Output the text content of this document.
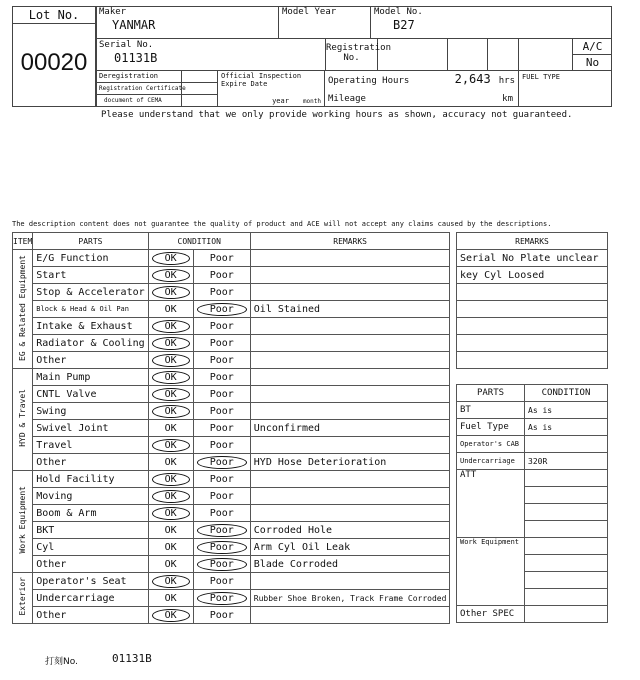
Lot No.
00020
Maker
YANMAR
Model Year	Model No.
B27
Serial No.
01131B
Registration No.
A/C
No
Deregistration
Registration Certificate
document of CEMA
Official Inspection Expire Date
year month
Operating Hours	2,643 hrs
Mileage	km
FUEL TYPE
Please understand that we only provide working hours as shown, accuracy not guaranteed.
The description content does not guarantee the quality of product and ACE will not accept any claims caused by the descriptions.
ITEM	PARTS	CONDITION		REMARKS
EG & Related Equipment	E/G Function	OK	Poor	
	Start	OK	Poor	
	Stop & Accelerator	OK	Poor	
	Block & Head & Oil Pan	OK	Poor	Oil Stained
	Intake & Exhaust	OK	Poor	
	Radiator & Cooling	OK	Poor	
	Other	OK	Poor	
HYD & Travel	Main Pump	OK	Poor	
	CNTL Valve	OK	Poor	
	Swing	OK	Poor	
	Swivel Joint	OK	Poor	Unconfirmed
	Travel	OK	Poor	
	Other	OK	Poor	HYD Hose Deterioration
Work Equipment	Hold Facility	OK	Poor	
	Moving	OK	Poor	
	Boom & Arm	OK	Poor	
	BKT	OK	Poor	Corroded Hole
	Cyl	OK	Poor	Arm Cyl Oil Leak
	Other	OK	Poor	Blade Corroded
Exterior	Operator's Seat	OK	Poor	
	Undercarriage	OK	Poor	Rubber Shoe Broken, Track Frame Corroded
	Other	OK	Poor	
REMARKS
Serial No Plate unclear
key Cyl Loosed

PARTS	CONDITION
BT	As is
Fuel Type	As is
Operator's CAB	
Undercarriage	320R
ATT	

Work Equipment	

Other SPEC	
打刻No.	01131B
